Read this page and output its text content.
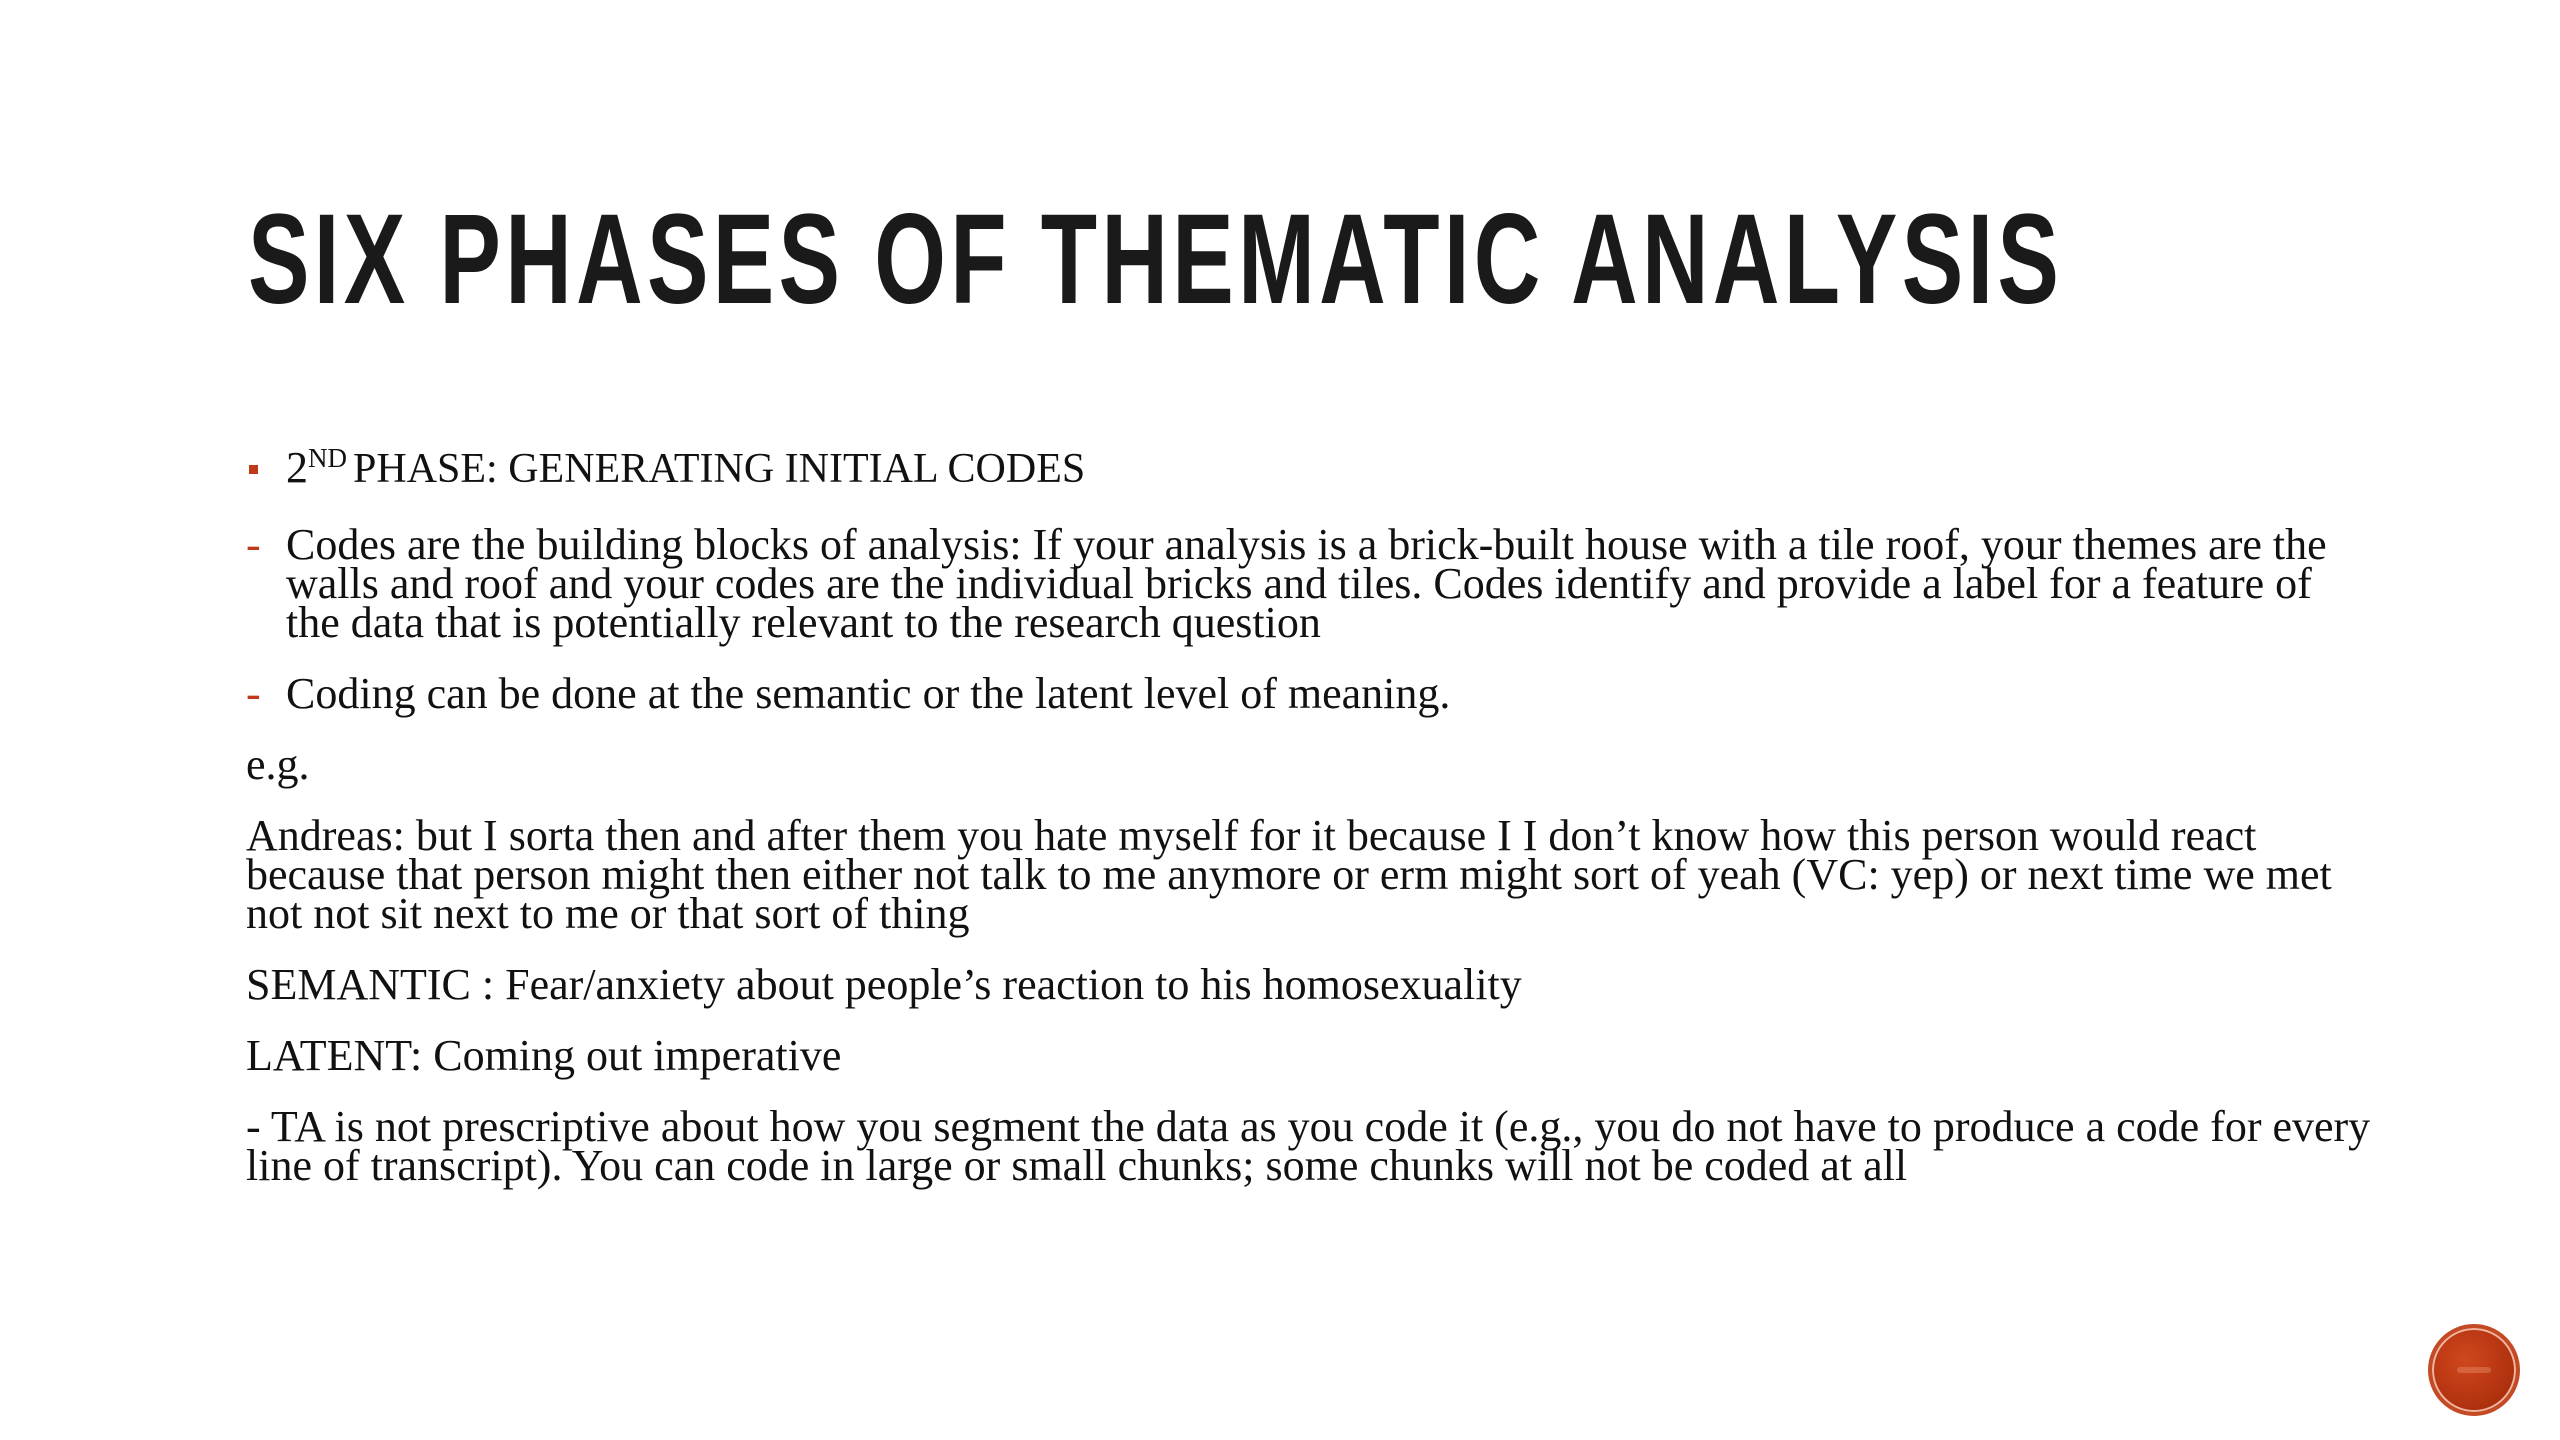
SIX PHASES OF THEMATIC ANALYSIS

2ND PHASE: GENERATING INITIAL CODES

- Codes are the building blocks of analysis: If your analysis is a brick-built house with a tile roof, your themes are the walls and roof and your codes are the individual bricks and tiles. Codes identify and provide a label for a feature of the data that is potentially relevant to the research question

- Coding can be done at the semantic or the latent level of meaning.

e.g.

Andreas: but I sorta then and after them you hate myself for it because I I don’t know how this person would react because that person might then either not talk to me anymore or erm might sort of yeah (VC: yep) or next time we met not not sit next to me or that sort of thing

SEMANTIC : Fear/anxiety about people’s reaction to his homosexuality

LATENT: Coming out imperative

- TA is not prescriptive about how you segment the data as you code it (e.g., you do not have to produce a code for every line of transcript). You can code in large or small chunks; some chunks will not be coded at all
